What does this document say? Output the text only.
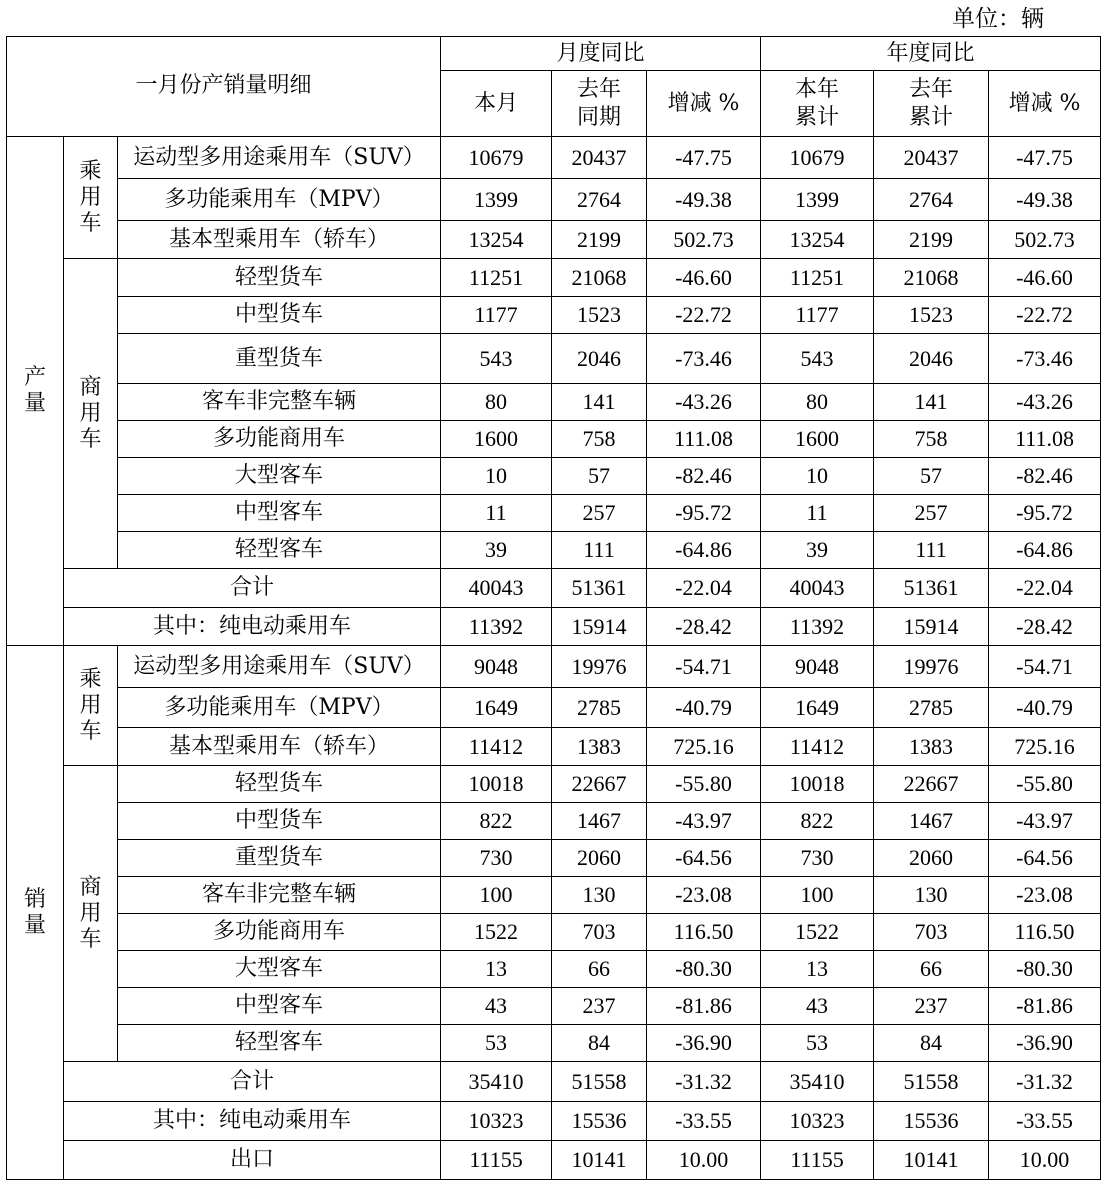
单位：辆
一月份产销量明细			月度同比			年度同比		
			本月	去年同期	增减 %	本年累计	去年累计	增减 %
产量	乘用车	运动型多用途乘用车（SUV）	10679	20437	-47.75	10679	20437	-47.75
		多功能乘用车（MPV）	1399	2764	-49.38	1399	2764	-49.38
		基本型乘用车（轿车）	13254	2199	502.73	13254	2199	502.73
	商用车	轻型货车	11251	21068	-46.60	11251	21068	-46.60
		中型货车	1177	1523	-22.72	1177	1523	-22.72
		重型货车	543	2046	-73.46	543	2046	-73.46
		客车非完整车辆	80	141	-43.26	80	141	-43.26
		多功能商用车	1600	758	111.08	1600	758	111.08
		大型客车	10	57	-82.46	10	57	-82.46
		中型客车	11	257	-95.72	11	257	-95.72
		轻型客车	39	111	-64.86	39	111	-64.86
	合计		40043	51361	-22.04	40043	51361	-22.04
	其中：纯电动乘用车		11392	15914	-28.42	11392	15914	-28.42
销量	乘用车	运动型多用途乘用车（SUV）	9048	19976	-54.71	9048	19976	-54.71
		多功能乘用车（MPV）	1649	2785	-40.79	1649	2785	-40.79
		基本型乘用车（轿车）	11412	1383	725.16	11412	1383	725.16
	商用车	轻型货车	10018	22667	-55.80	10018	22667	-55.80
		中型货车	822	1467	-43.97	822	1467	-43.97
		重型货车	730	2060	-64.56	730	2060	-64.56
		客车非完整车辆	100	130	-23.08	100	130	-23.08
		多功能商用车	1522	703	116.50	1522	703	116.50
		大型客车	13	66	-80.30	13	66	-80.30
		中型客车	43	237	-81.86	43	237	-81.86
		轻型客车	53	84	-36.90	53	84	-36.90
	合计		35410	51558	-31.32	35410	51558	-31.32
	其中：纯电动乘用车		10323	15536	-33.55	10323	15536	-33.55
	出口		11155	10141	10.00	11155	10141	10.00
